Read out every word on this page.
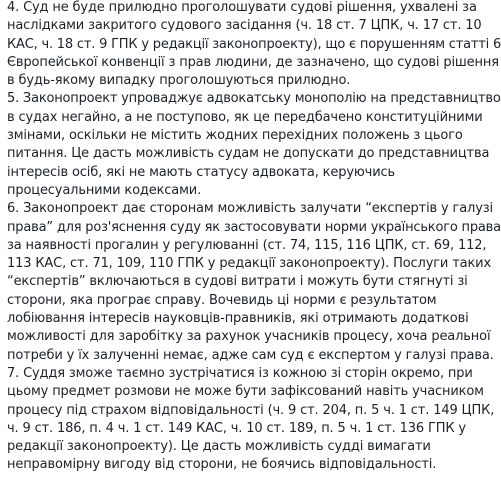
4. Суд не буде прилюдно проголошувати судові рішення, ухвалені за
наслідками закритого судового засідання (ч. 18 ст. 7 ЦПК, ч. 17 ст. 10
КАС, ч. 18 ст. 9 ГПК у редакції законопроекту), що є порушенням статті 6
Європейської конвенції з прав людини, де зазначено, що судові рішення
в будь-якому випадку проголошуються прилюдно.

5. Законопроект упроваджує адвокатську монополію на представництво
в судах негайно, а не поступово, як це передбачено конституційними
змінами, оскільки не містить жодних перехідних положень з цього
питання. Це дасть можливість судам не допускати до представництва
інтересів осіб, які не мають статусу адвоката, керуючись
процесуальними кодексами.

6. Законопроект дає сторонам можливість залучати “експертів у галузі
права” для роз'яснення суду як застосовувати норми українського права
за наявності прогалин у регулюванні (ст. 74, 115, 116 ЦПК, ст. 69, 112,
113 КАС, ст. 71, 109, 110 ГПК у редакції законопроекту). Послуги таких
“експертів” включаються в судові витрати і можуть бути стягнуті зі
сторони, яка програє справу. Вочевидь ці норми є результатом
лобіювання інтересів науковців-правників, які отримають додаткові
можливості для заробітку за рахунок учасників процесу, хоча реальної
потреби у їх залученні немає, адже сам суд є експертом у галузі права.

7. Суддя зможе таємно зустрічатися із кожною зі сторін окремо, при
цьому предмет розмови не може бути зафіксований навіть учасником
процесу під страхом відповідальності (ч. 9 ст. 204, п. 5 ч. 1 ст. 149 ЦПК,
ч. 9 ст. 186, п. 4 ч. 1 ст. 149 КАС, ч. 10 ст. 189, п. 5 ч. 1 ст. 136 ГПК у
редакції законопроекту). Це дасть можливість судді вимагати
неправомірну вигоду від сторони, не боячись відповідальності.
